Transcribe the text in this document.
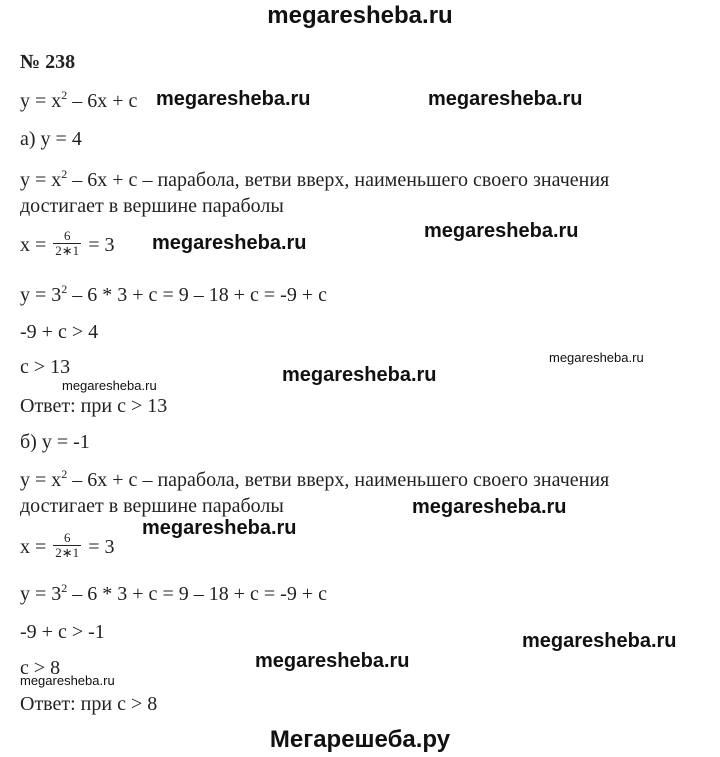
megaresheba.ru
№ 238
$y = x^2 - 6x + c$
а) y = 4
$y = x^2 - 6x + c$ – парабола, ветви вверх, наименьшего своего значения
достигает в вершине параболы
$x = \frac{6}{2∗1} = 3$
$y = 3^2 - 6 * 3 + c = 9 - 18 + c = -9 + c$
-9 + c > 4
c > 13
Ответ: при c > 13
б) y = -1
$y = x^2 - 6x + c$ – парабола, ветви вверх, наименьшего своего значения
достигает в вершине параболы
$x = \frac{6}{2∗1} = 3$
$y = 3^2 - 6 * 3 + c = 9 - 18 + c = -9 + c$
-9 + c > -1
c > 8
Ответ: при c > 8
megaresheba.ru	megaresheba.ru
megaresheba.ru
megaresheba.ru
megaresheba.ru
megaresheba.ru
megaresheba.ru
megaresheba.ru
megaresheba.ru
megaresheba.ru
megaresheba.ru
megaresheba.ru
Мегарешеба.ру
